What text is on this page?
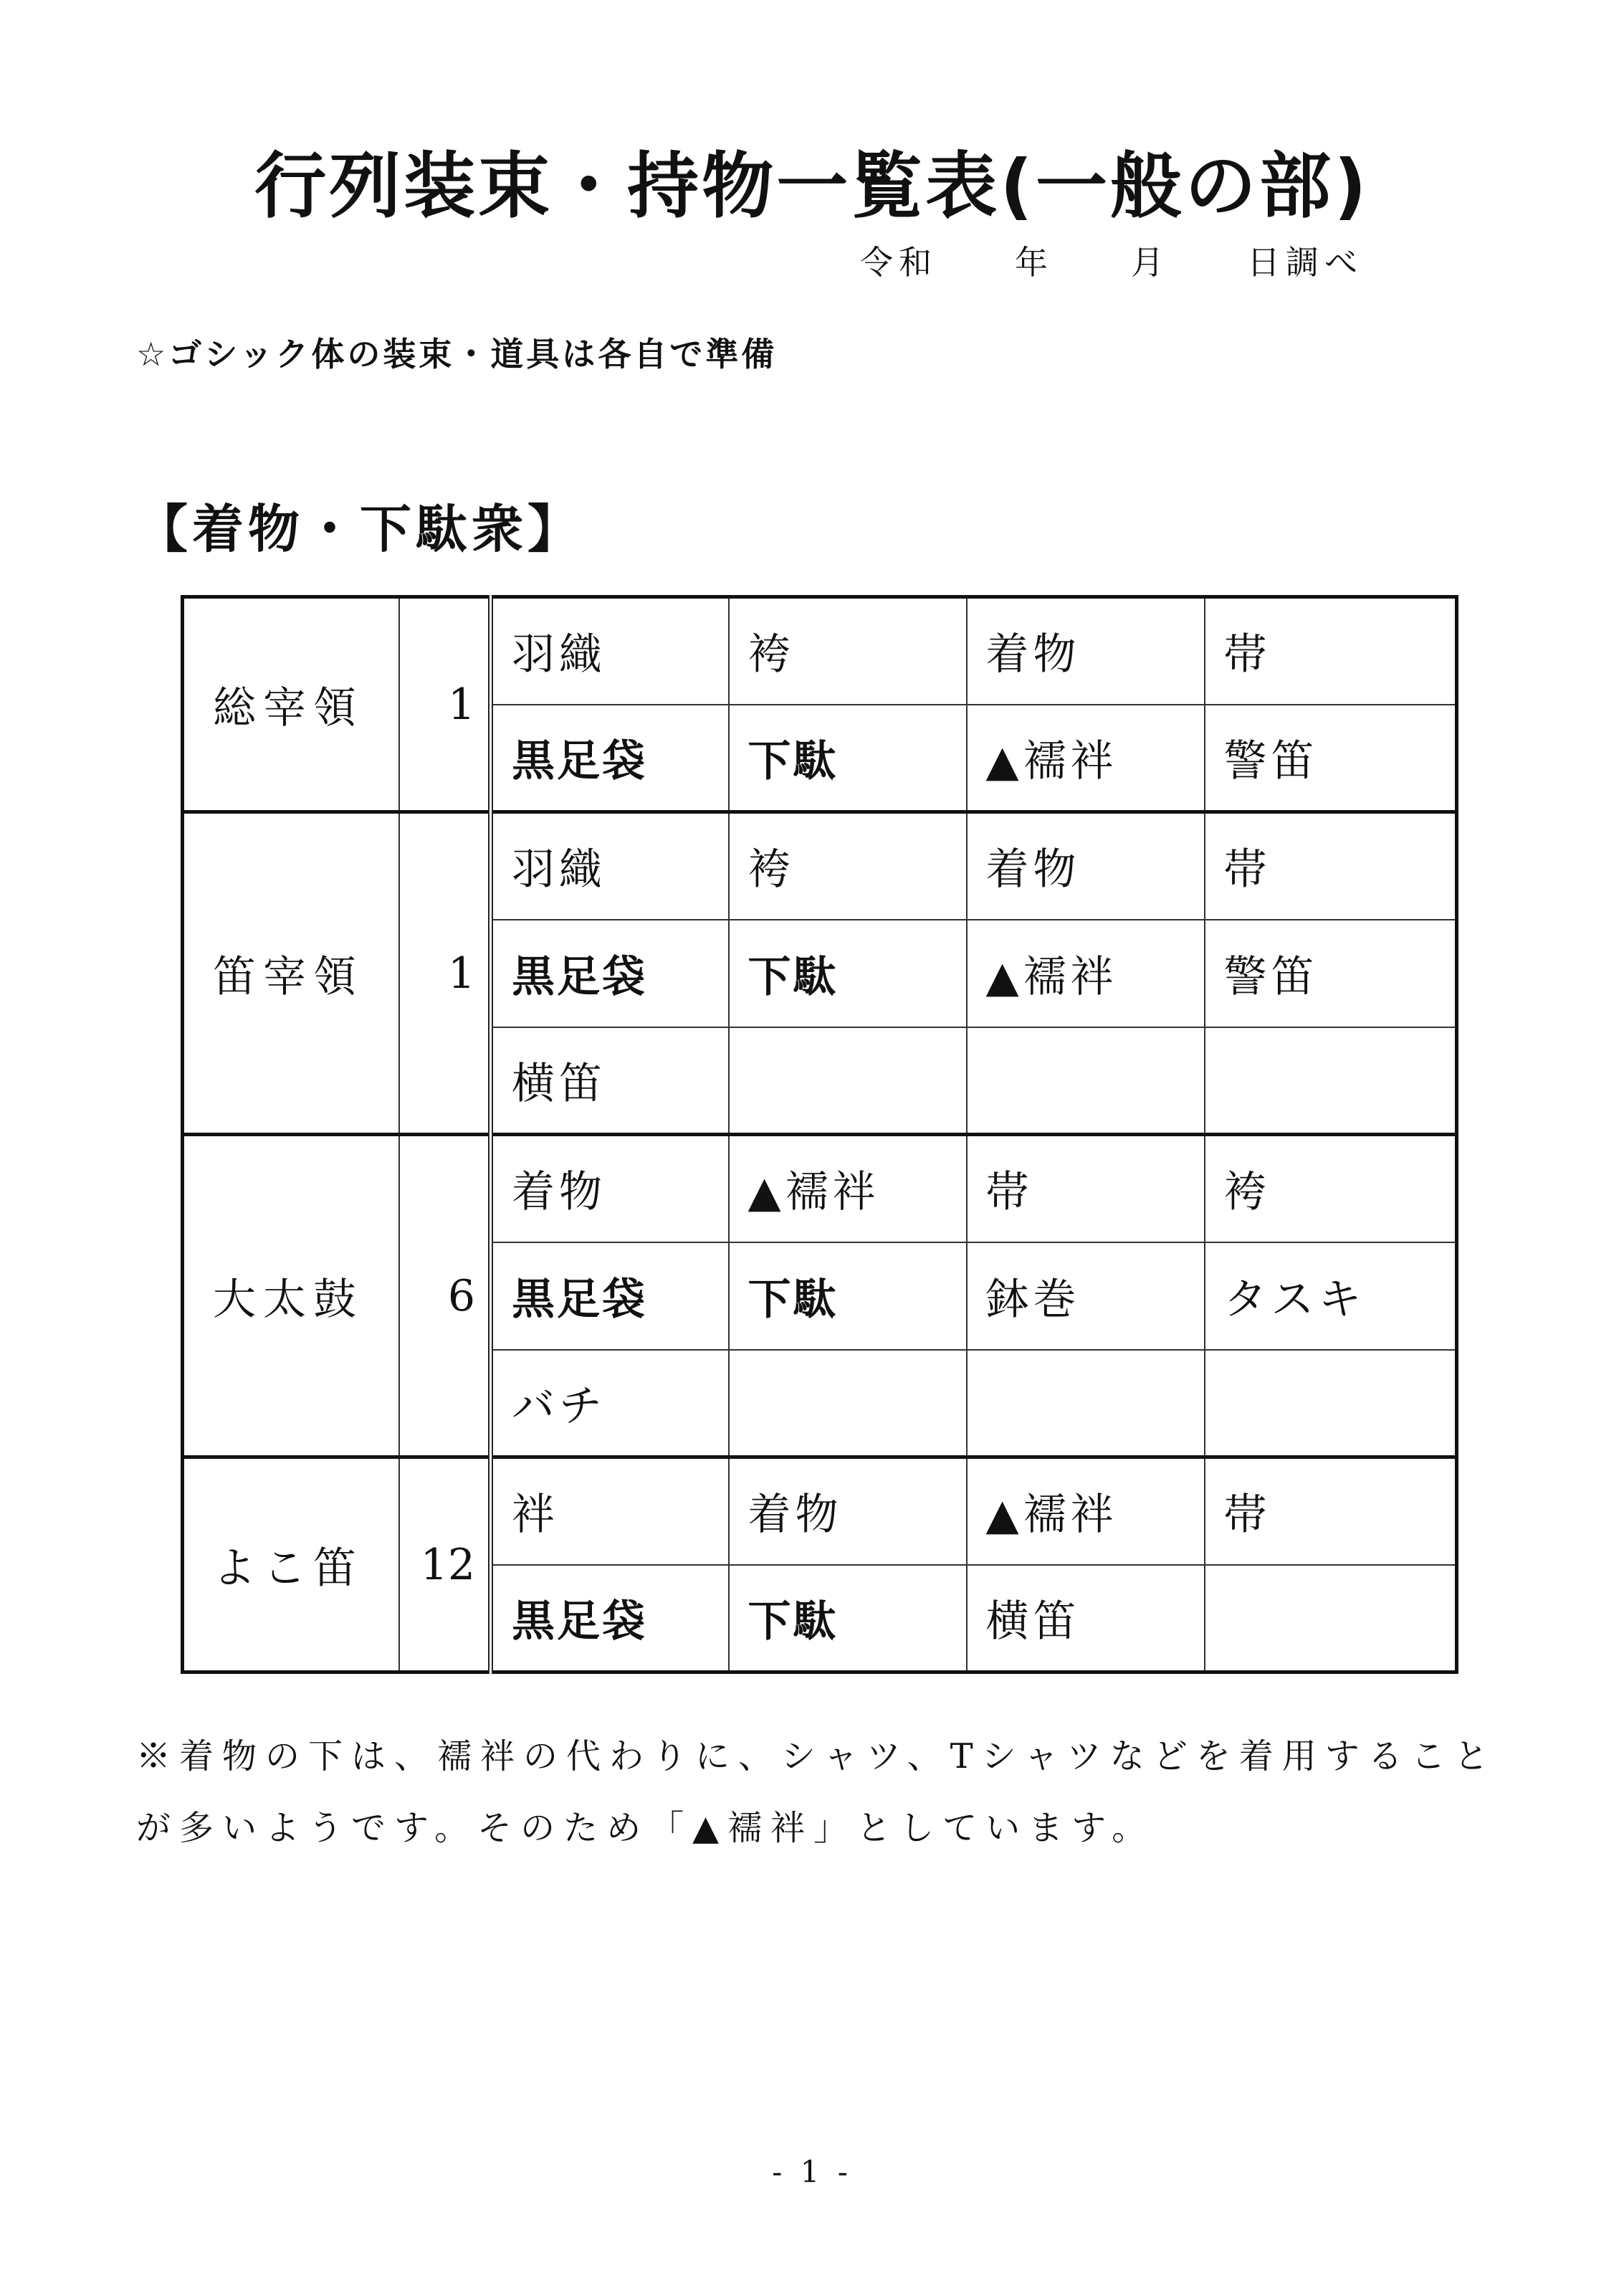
行列装束・持物一覧表(一般の部)
令和　　年　　月　　日調べ
☆ゴシック体の装束・道具は各自で準備
【着物・下駄衆】
総宰領	1	羽織	袴	着物	帯
		黒足袋	下駄	▲襦袢	警笛
笛宰領	1	羽織	袴	着物	帯
		黒足袋	下駄	▲襦袢	警笛
		横笛			
大太鼓	6	着物	▲襦袢	帯	袴
		黒足袋	下駄	鉢巻	タスキ
		バチ			
よこ笛	12	袢	着物	▲襦袢	帯
		黒足袋	下駄	横笛	
※着物の下は、襦袢の代わりに、シャツ、Tシャツなどを着用することが多いようです。そのため「▲襦袢」としています。
- 1 -
